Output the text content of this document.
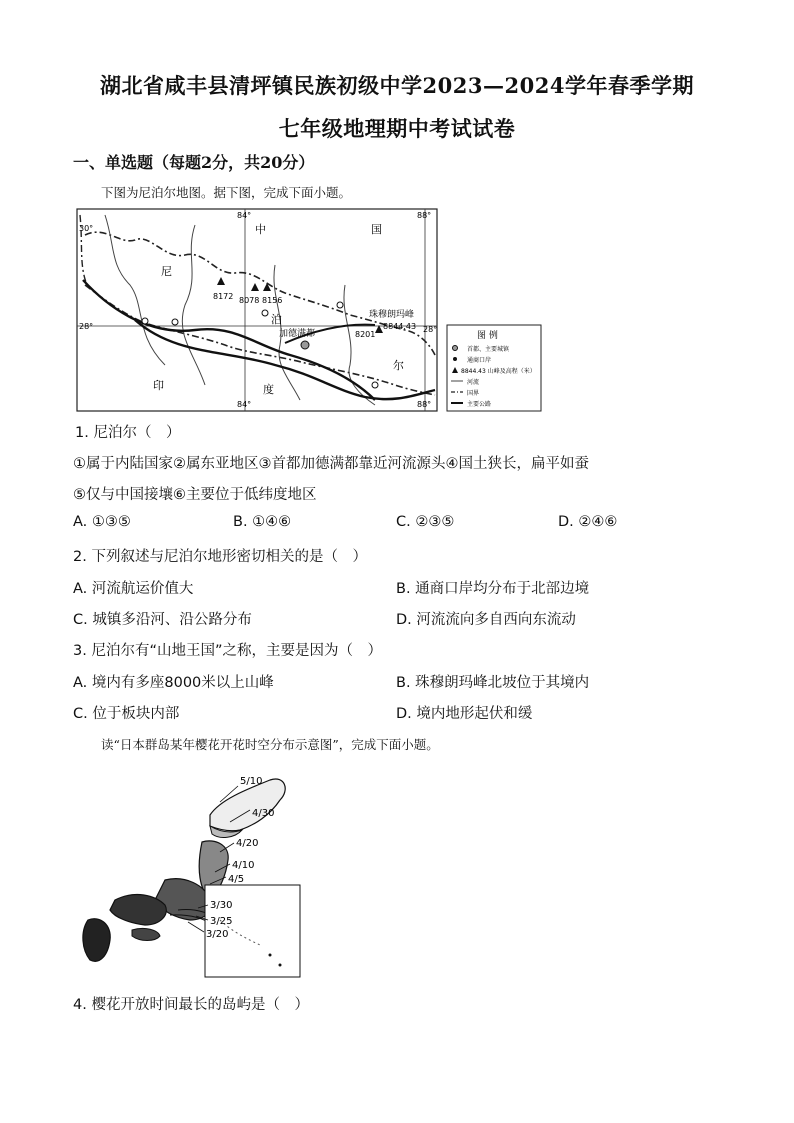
湖北省咸丰县清坪镇民族初级中学2023—2024学年春季学期
七年级地理期中考试试卷
一、单选题（每题2分，共20分）
下图为尼泊尔地图。据下图，完成下面小题。
84°	88°
84°	88°
30°
28°	28°
中	国
尼
泊
尔
印	度
8172 8078 8156
8201
珠穆朗玛峰
8844.43
加德满都	图 例
首都、主要城镇
通商口岸
8844.43 山峰及高程（米）
河流
国界
主要公路
1. 尼泊尔（　）
①属于内陆国家②属东亚地区③首都加德满都靠近河流源头④国土狭长，扁平如蚕
⑤仅与中国接壤⑥主要位于低纬度地区
A. ①③⑤	B. ①④⑥	C. ②③⑤	D. ②④⑥
2. 下列叙述与尼泊尔地形密切相关的是（　）
A. 河流航运价值大	B. 通商口岸均分布于北部边境
C. 城镇多沿河、沿公路分布	D. 河流流向多自西向东流动
3. 尼泊尔有“山地王国”之称，主要是因为（　）
A. 境内有多座8000米以上山峰	B. 珠穆朗玛峰北坡位于其境内
C. 位于板块内部	D. 境内地形起伏和缓
读“日本群岛某年樱花开花时空分布示意图”，完成下面小题。
5/10
4/30
4/20
4/10
4/5
3/30
3/25
3/20
4. 樱花开放时间最长的岛屿是（　）
